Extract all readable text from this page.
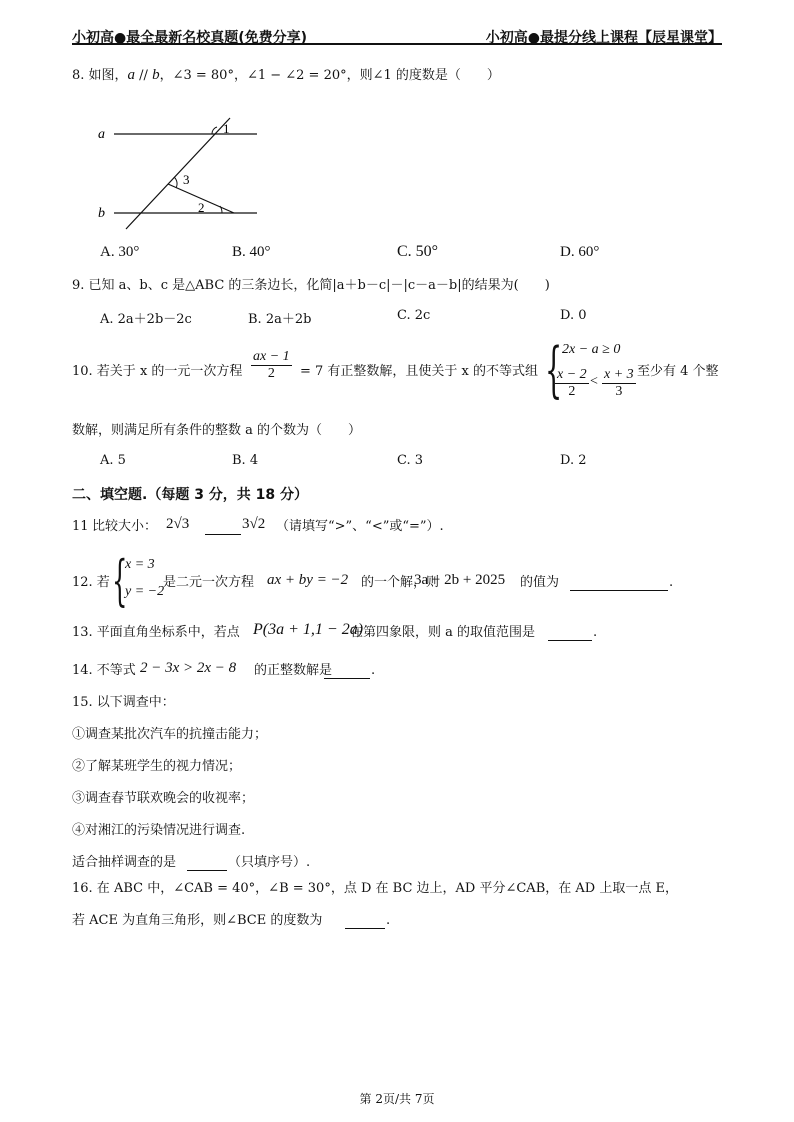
小初高●最全最新名校真题(免费分享)	小初高●最提分线上课程【辰星课堂】
8. 如图，a // b，∠3 = 80°，∠1 − ∠2 = 20°，则∠1 的度数是（　　）
a
b
1
3
2
A. 30°	B. 40°	C. 50°	D. 60°
9. 已知 a、b、c 是△ABC 的三条边长，化简|a＋b－c|－|c－a－b|的结果为(　　)
A. 2a＋2b－2c	B. 2a＋2b	C. 2c	D. 0
10. 若关于 x 的一元一次方程 $\frac{ax - 1}{2} = 7$ 有正整数解，且使关于 x 的不等式组 { 2x − a ≥ 0
$\frac{x - 2}{2} < \frac{x + 3}{3}$ 至少有 4 个整
数解，则满足所有条件的整数 a 的个数为（　　）
A. 5	B. 4	C. 3	D. 2
二、填空题.（每题 3 分，共 18 分）
11 比较大小： 2√3	3√2 （请填写“>”、“<”或“=”）.
12. 若 {
x = 3
y = −2
是二元一次方程 ax + by = −2 的一个解，则
3a − 2b + 2025 的值为	.
13. 平面直角坐标系中，若点 P(3a + 1,1 − 2a)
在第四象限，则 a 的取值范围是	.
14. 不等式 2 − 3x > 2x − 8 的正整数解是	.
15. 以下调查中：
①调查某批次汽车的抗撞击能力；
②了解某班学生的视力情况；
③调查春节联欢晚会的收视率；
④对湘江的污染情况进行调查.
适合抽样调查的是	（只填序号）.
16. 在 ABC 中，∠CAB = 40°，∠B = 30°，点 D 在 BC 边上，AD 平分∠CAB，在 AD 上取一点 E，
若 ACE 为直角三角形，则∠BCE 的度数为	.
第 2页/共 7页
